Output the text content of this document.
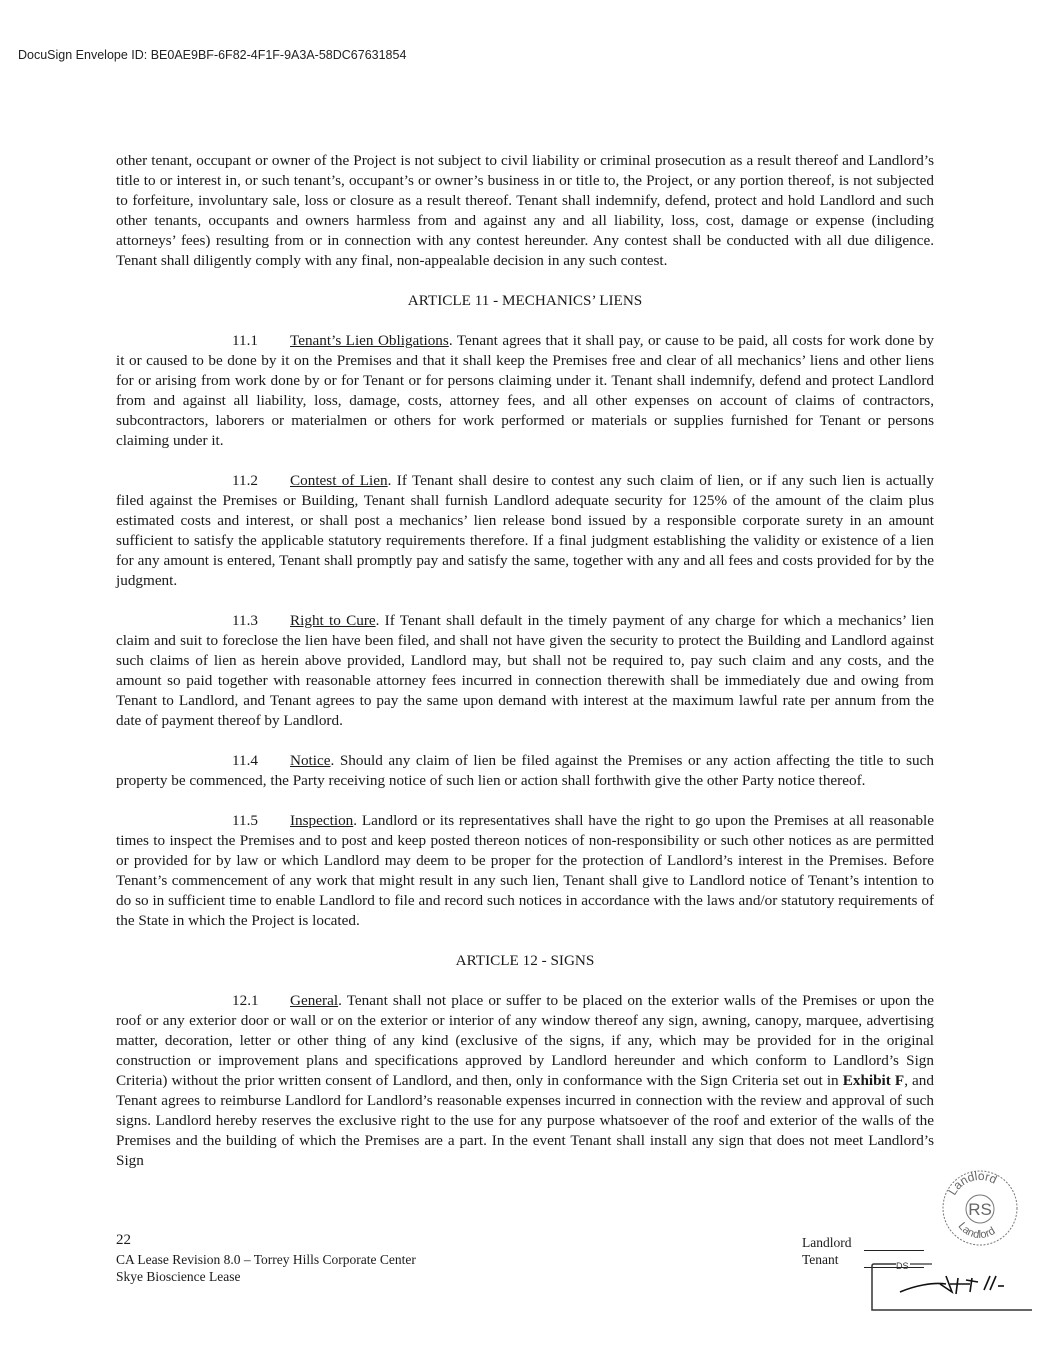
DocuSign Envelope ID: BE0AE9BF-6F82-4F1F-9A3A-58DC67631854

other tenant, occupant or owner of the Project is not subject to civil liability or criminal prosecution as a result thereof and Landlord’s title to or interest in, or such tenant’s, occupant’s or owner’s business in or title to, the Project, or any portion thereof, is not subjected to forfeiture, involuntary sale, loss or closure as a result thereof. Tenant shall indemnify, defend, protect and hold Landlord and such other tenants, occupants and owners harmless from and against any and all liability, loss, cost, damage or expense (including attorneys’ fees) resulting from or in connection with any contest hereunder. Any contest shall be conducted with all due diligence. Tenant shall diligently comply with any final, non-appealable decision in any such contest.

ARTICLE 11 - MECHANICS’ LIENS

11.1 Tenant’s Lien Obligations. Tenant agrees that it shall pay, or cause to be paid, all costs for work done by it or caused to be done by it on the Premises and that it shall keep the Premises free and clear of all mechanics’ liens and other liens for or arising from work done by or for Tenant or for persons claiming under it. Tenant shall indemnify, defend and protect Landlord from and against all liability, loss, damage, costs, attorney fees, and all other expenses on account of claims of contractors, subcontractors, laborers or materialmen or others for work performed or materials or supplies furnished for Tenant or persons claiming under it.

11.2 Contest of Lien. If Tenant shall desire to contest any such claim of lien, or if any such lien is actually filed against the Premises or Building, Tenant shall furnish Landlord adequate security for 125% of the amount of the claim plus estimated costs and interest, or shall post a mechanics’ lien release bond issued by a responsible corporate surety in an amount sufficient to satisfy the applicable statutory requirements therefore. If a final judgment establishing the validity or existence of a lien for any amount is entered, Tenant shall promptly pay and satisfy the same, together with any and all fees and costs provided for by the judgment.

11.3 Right to Cure. If Tenant shall default in the timely payment of any charge for which a mechanics’ lien claim and suit to foreclose the lien have been filed, and shall not have given the security to protect the Building and Landlord against such claims of lien as herein above provided, Landlord may, but shall not be required to, pay such claim and any costs, and the amount so paid together with reasonable attorney fees incurred in connection therewith shall be immediately due and owing from Tenant to Landlord, and Tenant agrees to pay the same upon demand with interest at the maximum lawful rate per annum from the date of payment thereof by Landlord.

11.4 Notice. Should any claim of lien be filed against the Premises or any action affecting the title to such property be commenced, the Party receiving notice of such lien or action shall forthwith give the other Party notice thereof.

11.5 Inspection. Landlord or its representatives shall have the right to go upon the Premises at all reasonable times to inspect the Premises and to post and keep posted thereon notices of non-responsibility or such other notices as are permitted or provided for by law or which Landlord may deem to be proper for the protection of Landlord’s interest in the Premises. Before Tenant’s commencement of any work that might result in any such lien, Tenant shall give to Landlord notice of Tenant’s intention to do so in sufficient time to enable Landlord to file and record such notices in accordance with the laws and/or statutory requirements of the State in which the Project is located.

ARTICLE 12 - SIGNS

12.1 General. Tenant shall not place or suffer to be placed on the exterior walls of the Premises or upon the roof or any exterior door or wall or on the exterior or interior of any window thereof any sign, awning, canopy, marquee, advertising matter, decoration, letter or other thing of any kind (exclusive of the signs, if any, which may be provided for in the original construction or improvement plans and specifications approved by Landlord hereunder and which conform to Landlord’s Sign Criteria) without the prior written consent of Landlord, and then, only in conformance with the Sign Criteria set out in Exhibit F, and Tenant agrees to reimburse Landlord for Landlord’s reasonable expenses incurred in connection with the review and approval of such signs. Landlord hereby reserves the exclusive right to the use for any purpose whatsoever of the roof and exterior of the walls of the Premises and the building of which the Premises are a part. In the event Tenant shall install any sign that does not meet Landlord’s Sign

22
CA Lease Revision 8.0 – Torrey Hills Corporate Center
Skye Bioscience Lease
Landlord
Tenant
Landlord
RS
Landlord
DS
